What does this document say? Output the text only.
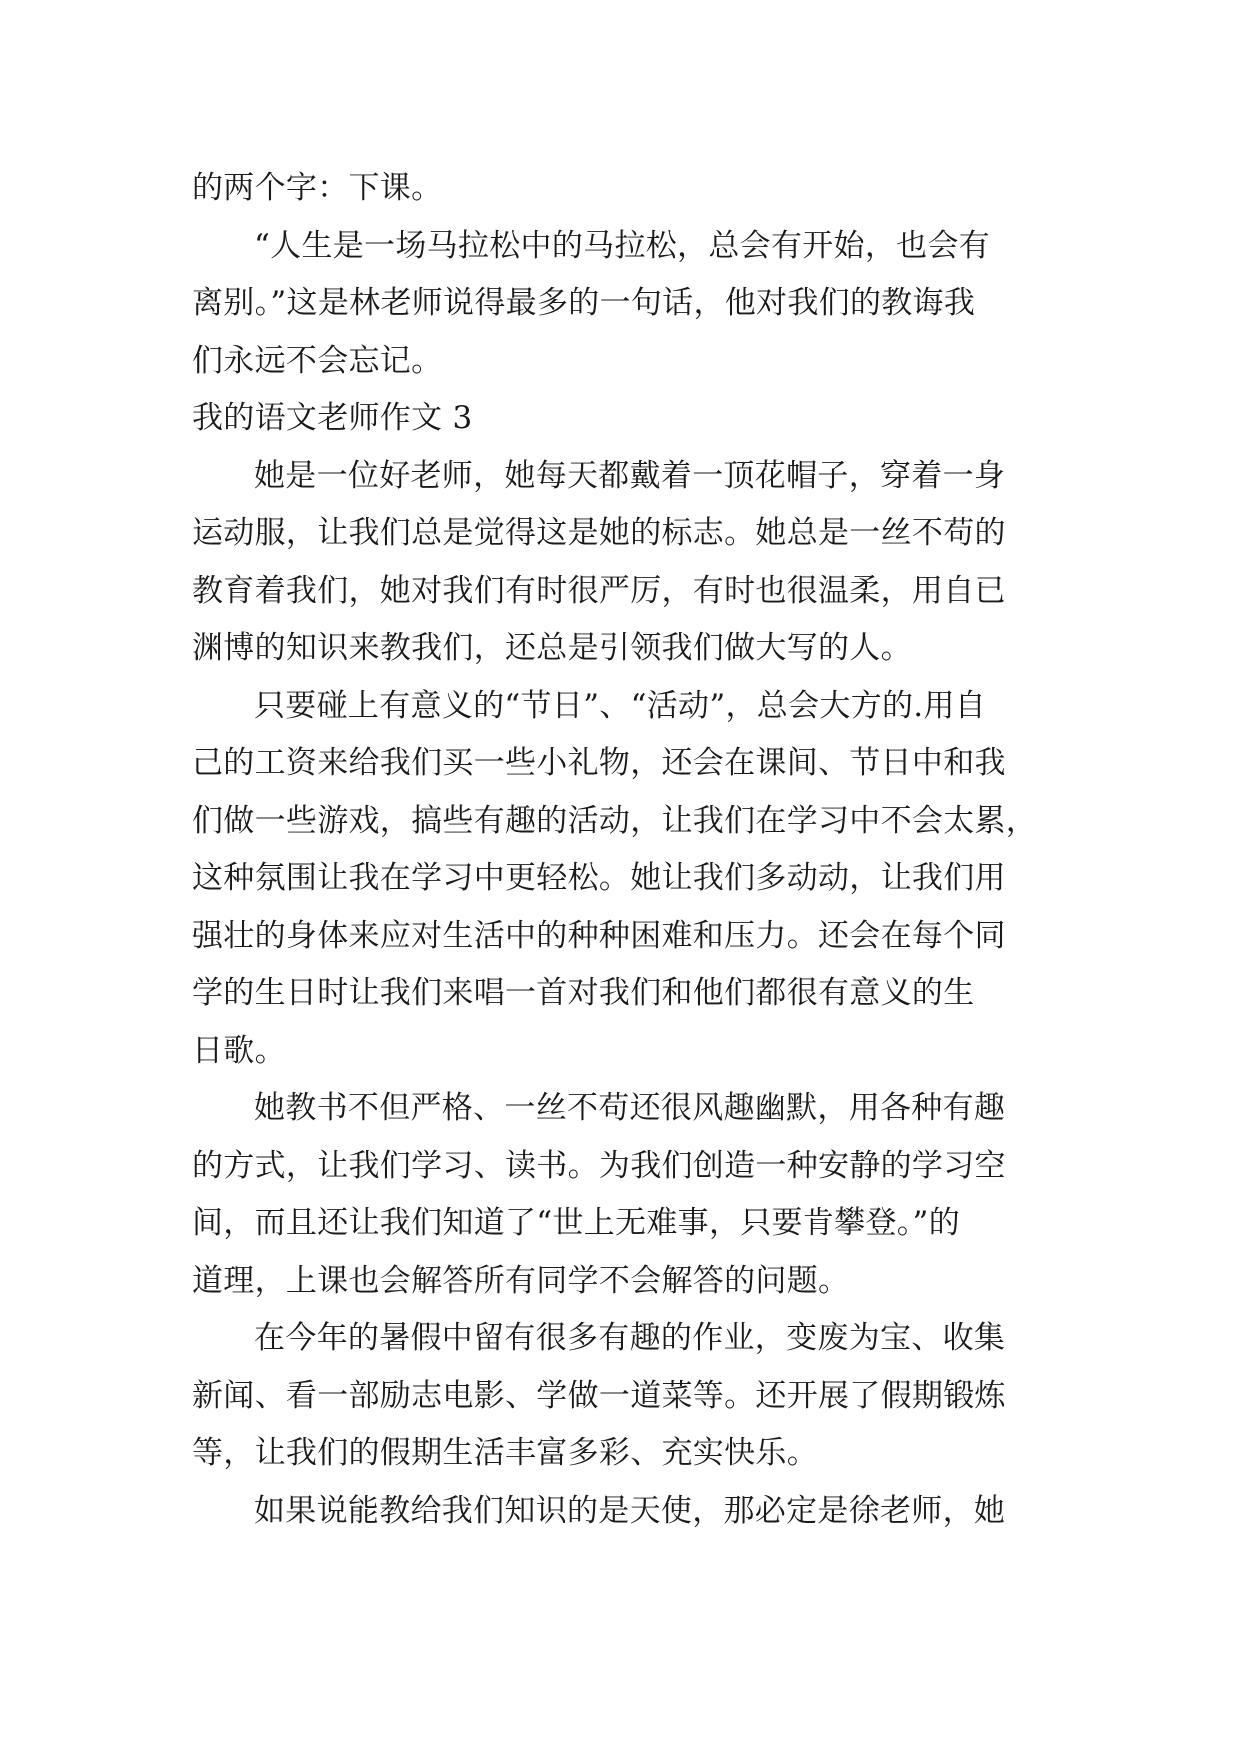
的两个字：下课。
“人生是一场马拉松中的马拉松，总会有开始，也会有
离别。”这是林老师说得最多的一句话，他对我们的教诲我
们永远不会忘记。
我的语文老师作文 3
她是一位好老师，她每天都戴着一顶花帽子，穿着一身
运动服，让我们总是觉得这是她的标志。她总是一丝不苟的
教育着我们，她对我们有时很严厉，有时也很温柔，用自已
渊博的知识来教我们，还总是引领我们做大写的人。
只要碰上有意义的“节日”、“活动”，总会大方的.用自
己的工资来给我们买一些小礼物，还会在课间、节日中和我
们做一些游戏，搞些有趣的活动，让我们在学习中不会太累，
这种氛围让我在学习中更轻松。她让我们多动动，让我们用
强壮的身体来应对生活中的种种困难和压力。还会在每个同
学的生日时让我们来唱一首对我们和他们都很有意义的生
日歌。
她教书不但严格、一丝不苟还很风趣幽默，用各种有趣
的方式，让我们学习、读书。为我们创造一种安静的学习空
间，而且还让我们知道了“世上无难事，只要肯攀登。”的
道理，上课也会解答所有同学不会解答的问题。
在今年的暑假中留有很多有趣的作业，变废为宝、收集
新闻、看一部励志电影、学做一道菜等。还开展了假期锻炼
等，让我们的假期生活丰富多彩、充实快乐。
如果说能教给我们知识的是天使，那必定是徐老师，她
